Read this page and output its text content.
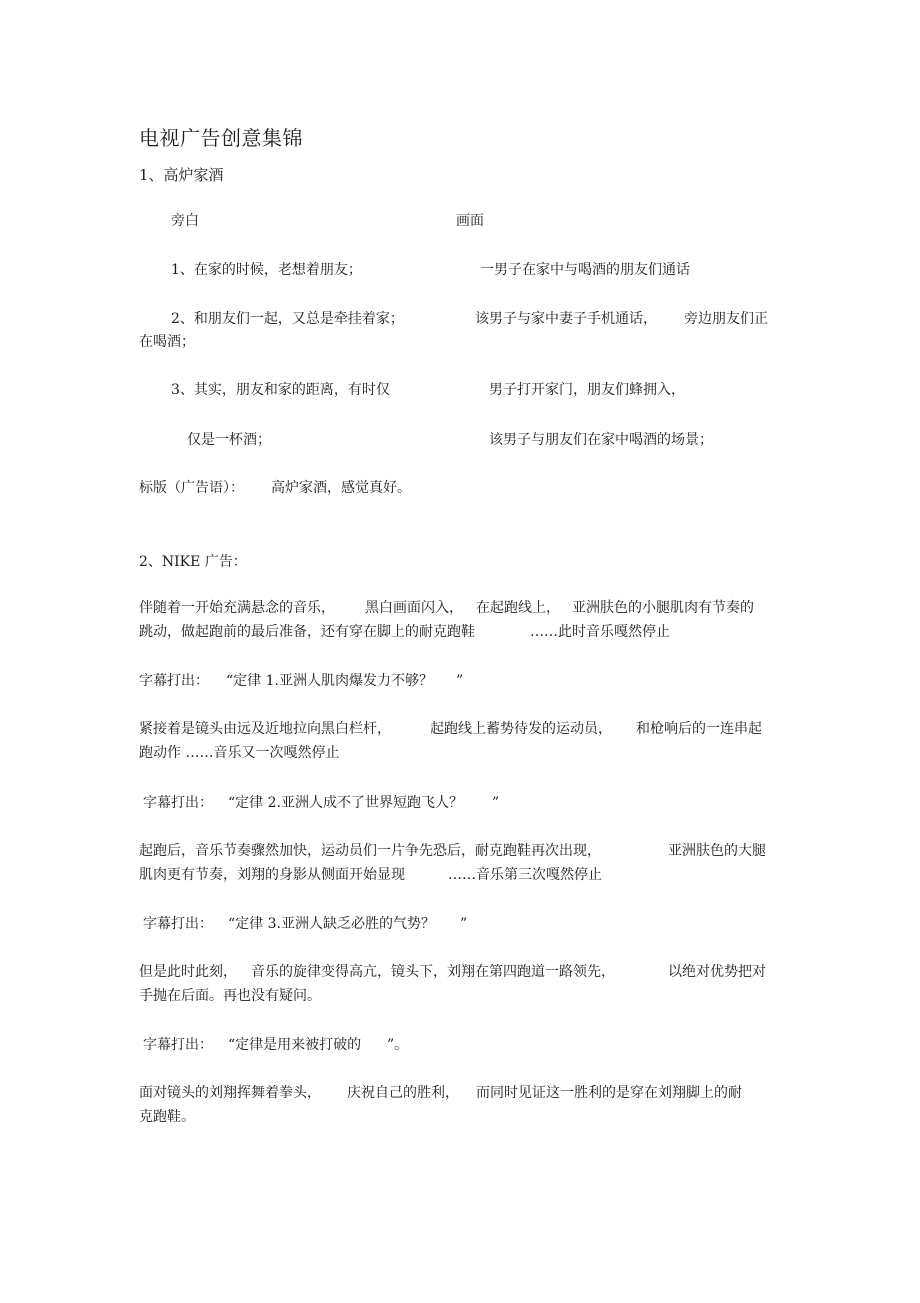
电视广告创意集锦
1、高炉家酒
旁白	画面
1、在家的时候，老想着朋友；	一男子在家中与喝酒的朋友们通话
2、和朋友们一起，又总是牵挂着家；	该男子与家中妻子手机通话， 旁边朋友们正
在喝酒；
3、其实，朋友和家的距离，有时仅	男子打开家门，朋友们蜂拥入，
仅是一杯酒；	该男子与朋友们在家中喝酒的场景；
标版（广告语）： 高炉家酒，感觉真好。
2、NIKE 广告：
伴随着一开始充满悬念的音乐， 黑白画面闪入， 在起跑线上， 亚洲肤色的小腿肌肉有节奏的
跳动，做起跑前的最后准备，还有穿在脚上的耐克跑鞋	……此时音乐嘎然停止
字幕打出： “定律 1.亚洲人肌肉爆发力不够？ ”
紧接着是镜头由远及近地拉向黑白栏杆，	起跑线上蓄势待发的运动员， 和枪响后的一连串起
跑动作 ……音乐又一次嘎然停止
字幕打出： “定律 2.亚洲人成不了世界短跑飞人？ ”
起跑后，音乐节奏骤然加快，运动员们一片争先恐后，耐克跑鞋再次出现，	亚洲肤色的大腿
肌肉更有节奏，刘翔的身影从侧面开始显现	……音乐第三次嘎然停止
字幕打出： “定律 3.亚洲人缺乏必胜的气势？ ”
但是此时此刻， 音乐的旋律变得高亢，镜头下，刘翔在第四跑道一路领先，	以绝对优势把对
手抛在后面。再也没有疑问。
字幕打出： “定律是用来被打破的 ”。
面对镜头的刘翔挥舞着拳头， 庆祝自己的胜利， 而同时见证这一胜利的是穿在刘翔脚上的耐
克跑鞋。
